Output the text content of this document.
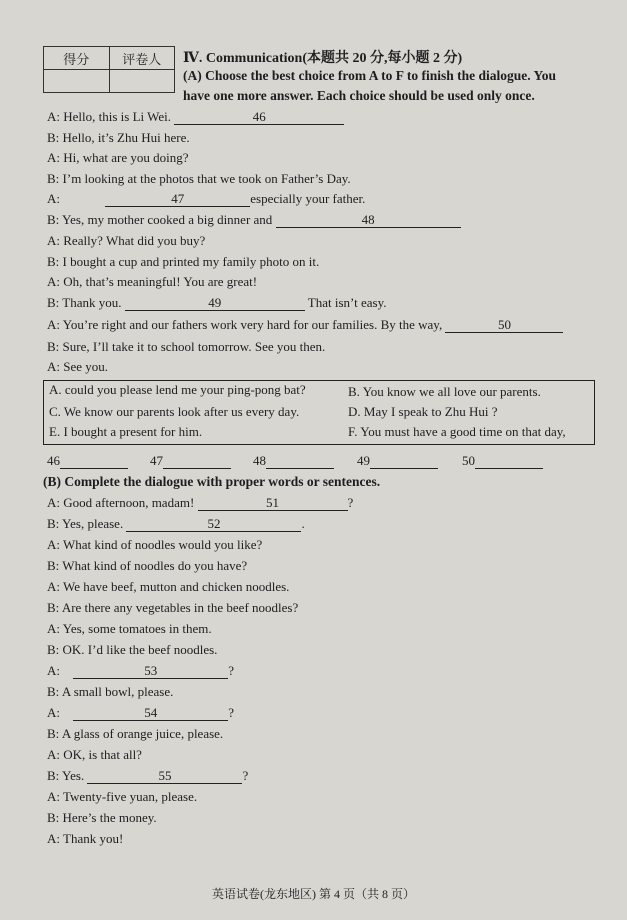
得分	评卷人
	Ⅳ. Communication(本题共 20 分,每小题 2 分)
(A) Choose the best choice from A to F to finish the dialogue. You have one more answer. Each choice should be used only once.
A: Hello, this is Li Wei.	46
B: Hello, it’s Zhu Hui here.
A: Hi, what are you doing?
B: I’m looking at the photos that we took on Father’s Day.
A:	47	especially your father.
B: Yes, my mother cooked a big dinner and	48
A: Really? What did you buy?
B: I bought a cup and printed my family photo on it.
A: Oh, that’s meaningful! You are great!
B: Thank you.	49	That isn’t easy.
A: You’re right and our fathers work very hard for our families. By the way,	50
B: Sure, I’ll take it to school tomorrow. See you then.
A: See you.
A. could you please lend me your ping-pong bat?	B. You know we all love our parents.
C. We know our parents look after us every day.	D. May I speak to Zhu Hui ?
E. I bought a present for him.	F. You must have a good time on that day,
46	47	48	49	50
(B) Complete the dialogue with proper words or sentences.
A: Good afternoon, madam!	51	?
B: Yes, please.	52	.
A: What kind of noodles would you like?
B: What kind of noodles do you have?
A: We have beef, mutton and chicken noodles.
B: Are there any vegetables in the beef noodles?
A: Yes, some tomatoes in them.
B: OK. I’d like the beef noodles.
A:	53	?
B: A small bowl, please.
A:	54	?
B: A glass of orange juice, please.
A: OK, is that all?
B: Yes.	55	?
A: Twenty-five yuan, please.
B: Here’s the money.
A: Thank you!
英语试卷(龙东地区) 第 4 页（共 8 页）
